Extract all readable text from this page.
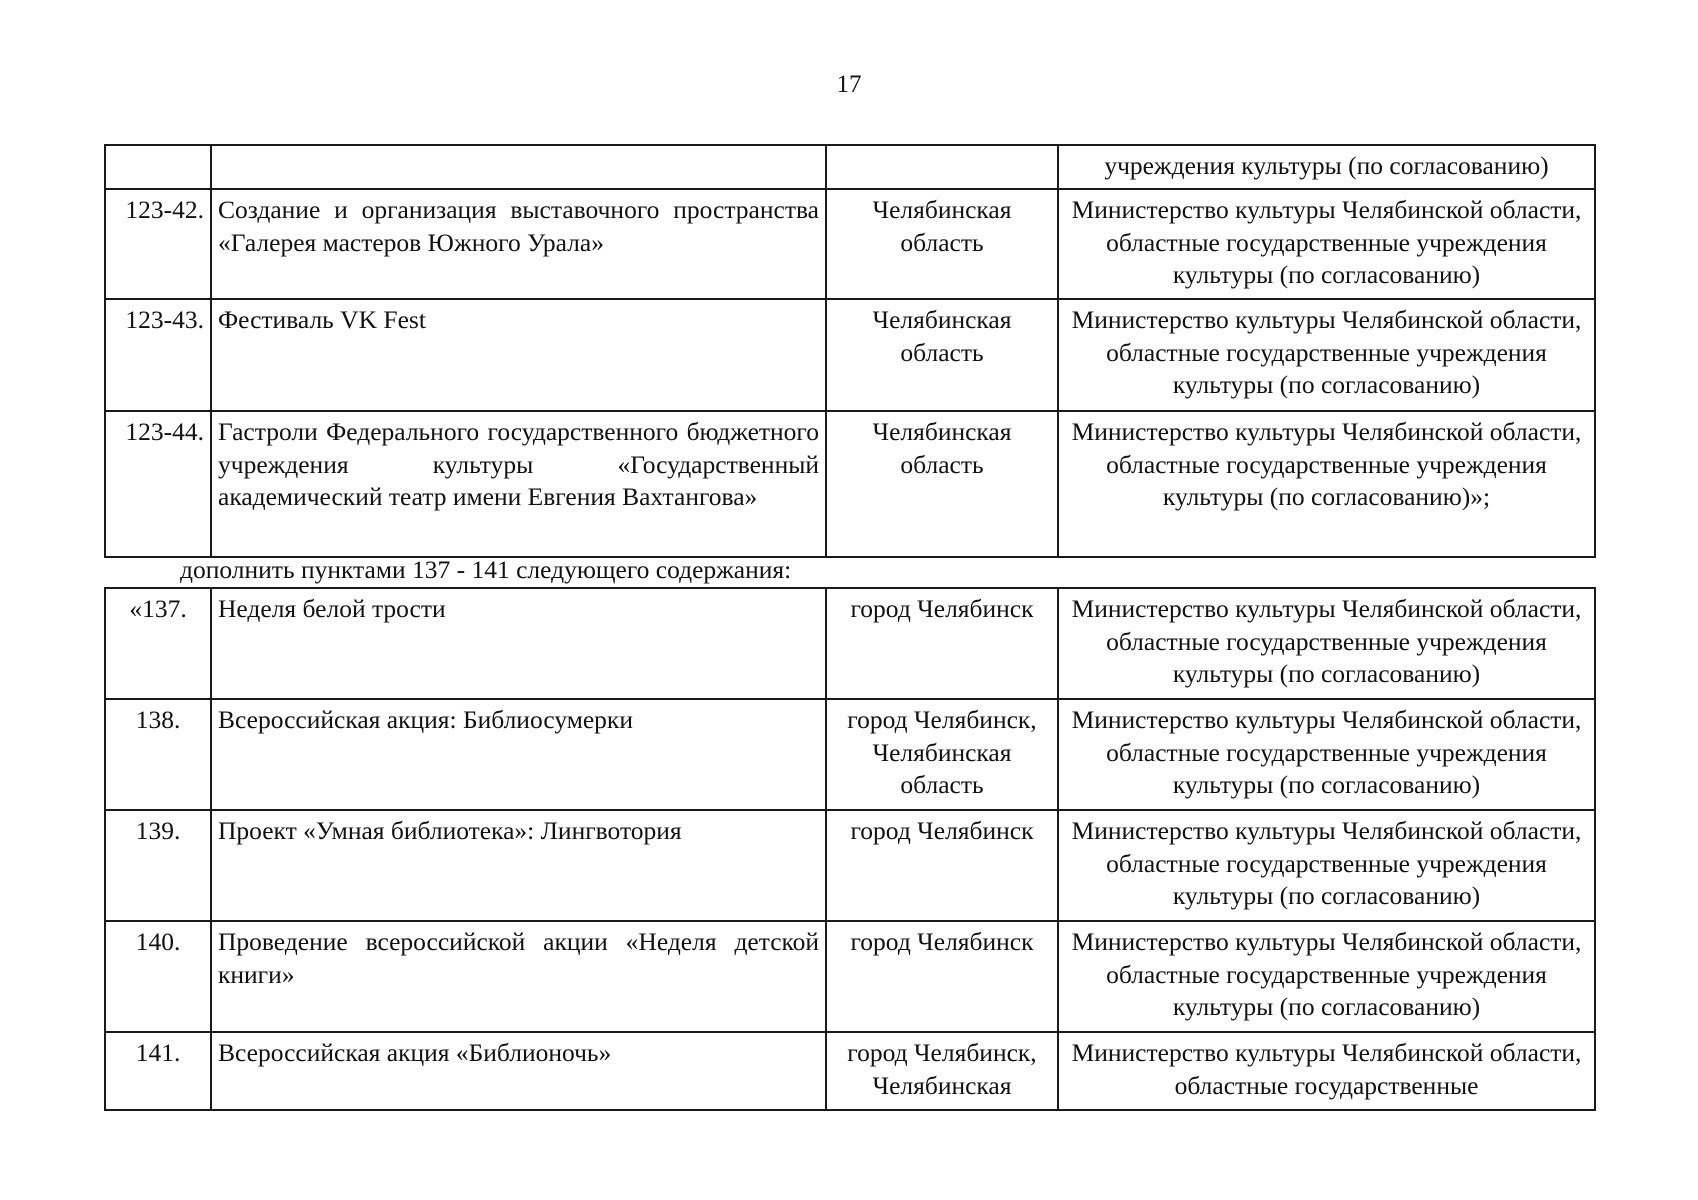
17
			учреждения культуры (по согласованию)
123-42.	Создание и организация выставочного пространства «Галерея мастеров Южного Урала»	Челябинская область	Министерство культуры Челябинской области, областные государственные учреждения культуры (по согласованию)
123-43.	Фестиваль VK Fest	Челябинская область	Министерство культуры Челябинской области, областные государственные учреждения культуры (по согласованию)
123-44.	Гастроли Федерального государственного бюджетного учреждения культуры «Государственный академический театр имени Евгения Вахтангова»	Челябинская область	Министерство культуры Челябинской области, областные государственные учреждения культуры (по согласованию)»;
дополнить пунктами 137 - 141 следующего содержания:
«137.	Неделя белой трости	город Челябинск	Министерство культуры Челябинской области, областные государственные учреждения культуры (по согласованию)
138.	Всероссийская акция: Библиосумерки	город Челябинск, Челябинская область	Министерство культуры Челябинской области, областные государственные учреждения культуры (по согласованию)
139.	Проект «Умная библиотека»: Лингвотория	город Челябинск	Министерство культуры Челябинской области, областные государственные учреждения культуры (по согласованию)
140.	Проведение всероссийской акции «Неделя детской книги»	город Челябинск	Министерство культуры Челябинской области, областные государственные учреждения культуры (по согласованию)
141.	Всероссийская акция «Библионочь»	город Челябинск, Челябинская	Министерство культуры Челябинской области, областные государственные
